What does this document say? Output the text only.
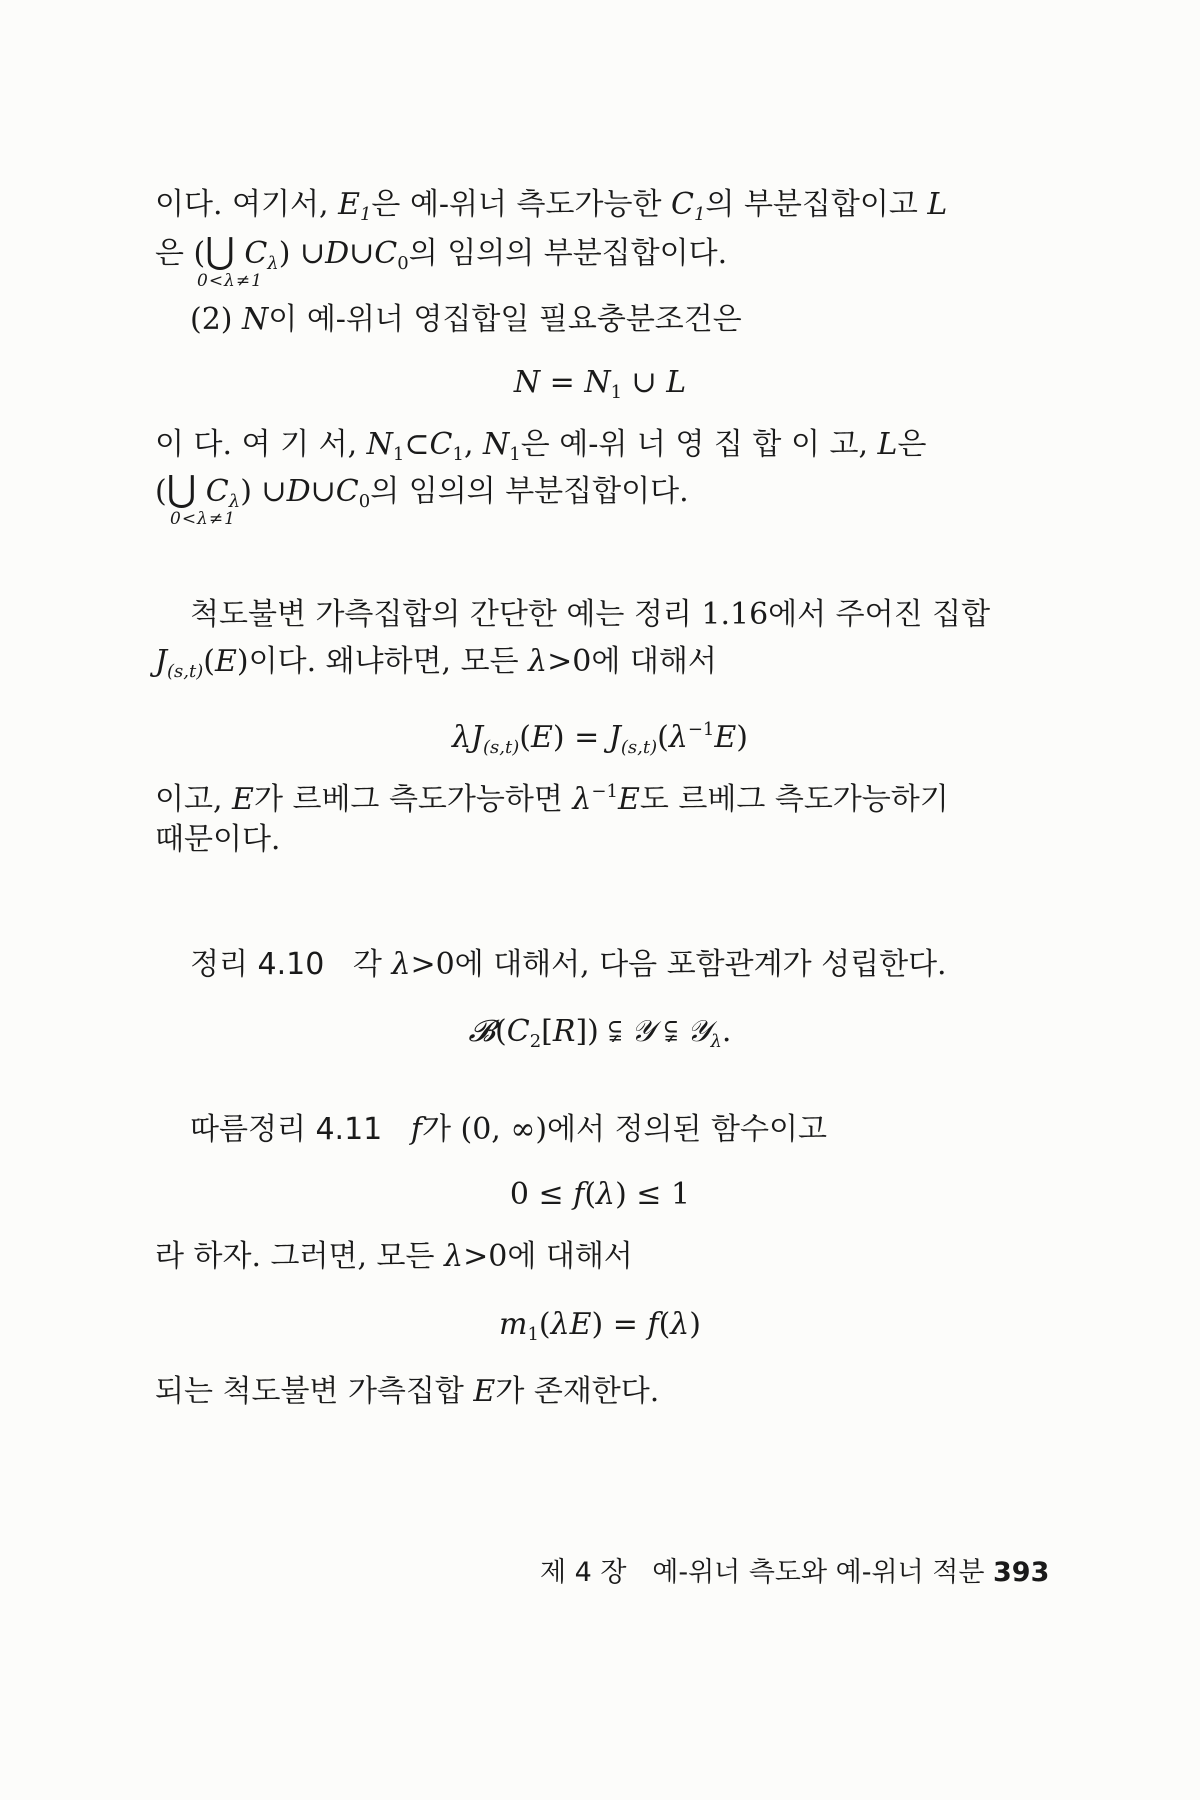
이다. 여기서, $E_1$은 예-위너 측도가능한 $C_1$의 부분집합이고 L
은 (⋃ $C_\lambda$) $\cup D\cup C_0$의 임의의 부분집합이다.
0<λ≠1
(2) N이 예-위너 영집합일 필요충분조건은
$N = N_1$ ∪ L
이 다. 여 기 서, $N_1\subset C_1$, $N_1$은 예-위 너 영 집 합 이 고, L은
(⋃ $C_\lambda$) $\cup D\cup C_0$의 임의의 부분집합이다.
0<λ≠1
척도불변 가측집합의 간단한 예는 정리 1.16에서 주어진 집합
$J_{(s,t)}(E)$이다. 왜냐하면, 모든 λ>0에 대해서
$\lambda J_{(s,t)}(E) = J_{(s,t)}(\lambda^{-1}E)$
이고, E가 르베그 측도가능하면 $\lambda^{-1}E$도 르베그 측도가능하기
때문이다.
정리 4.10 각 λ>0에 대해서, 다음 포함관계가 성립한다.
$𝓑(C_2[R])$ ⫋ 𝒴 ⫋ 𝒴$_\lambda$.
따름정리 4.11 f가 (0, ∞)에서 정의된 함수이고
0 ≤ f(λ) ≤ 1
라 하자. 그러면, 모든 λ>0에 대해서
$m_1(\lambda E) = f(\lambda)$
되는 척도불변 가측집합 E가 존재한다.
제 4 장 예-위너 측도와 예-위너 적분 393
